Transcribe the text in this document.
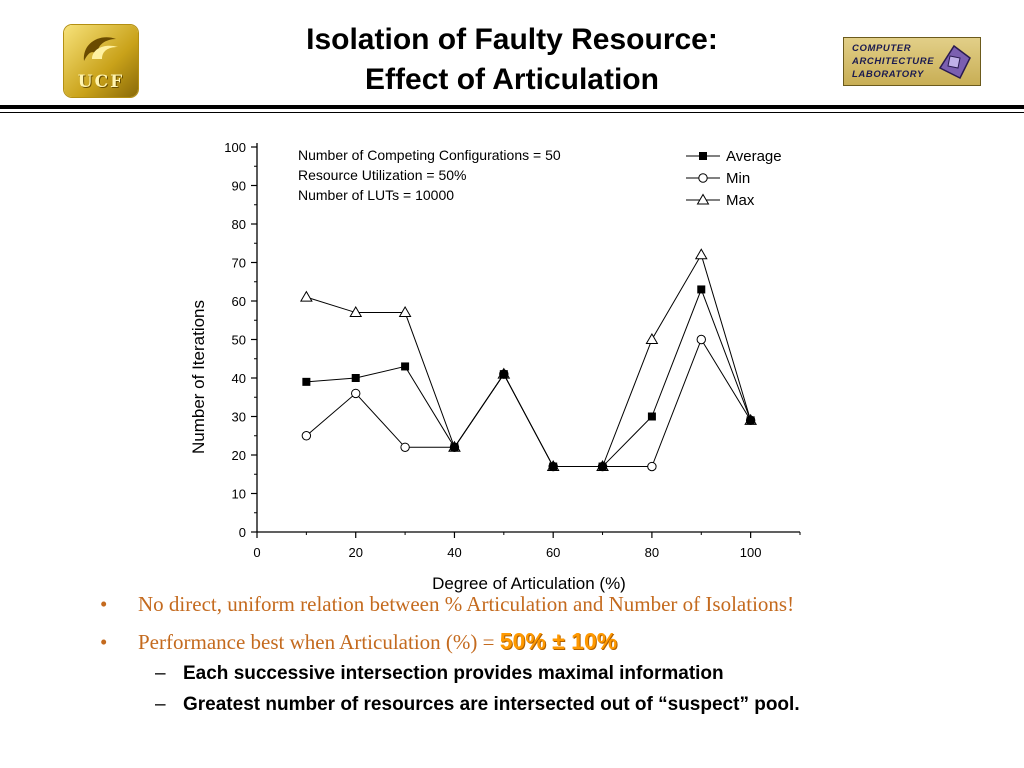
UCF
Isolation of Faulty Resource:
Effect of Articulation
COMPUTER
ARCHITECTURE
LABORATORY
0
10
20
30
40
50
60
70
80
90
100
0	20	40	60	80	100
Average
Min
Max
Number of Competing Configurations = 50
Resource Utilization = 50%
Number of LUTs = 10000
Degree of Articulation (%)
Number of Iterations
• No direct, uniform relation between % Articulation and Number of Isolations!
• Performance best when Articulation (%) = 50% ± 10%
– Each successive intersection provides maximal information
– Greatest number of resources are intersected out of “suspect” pool.
